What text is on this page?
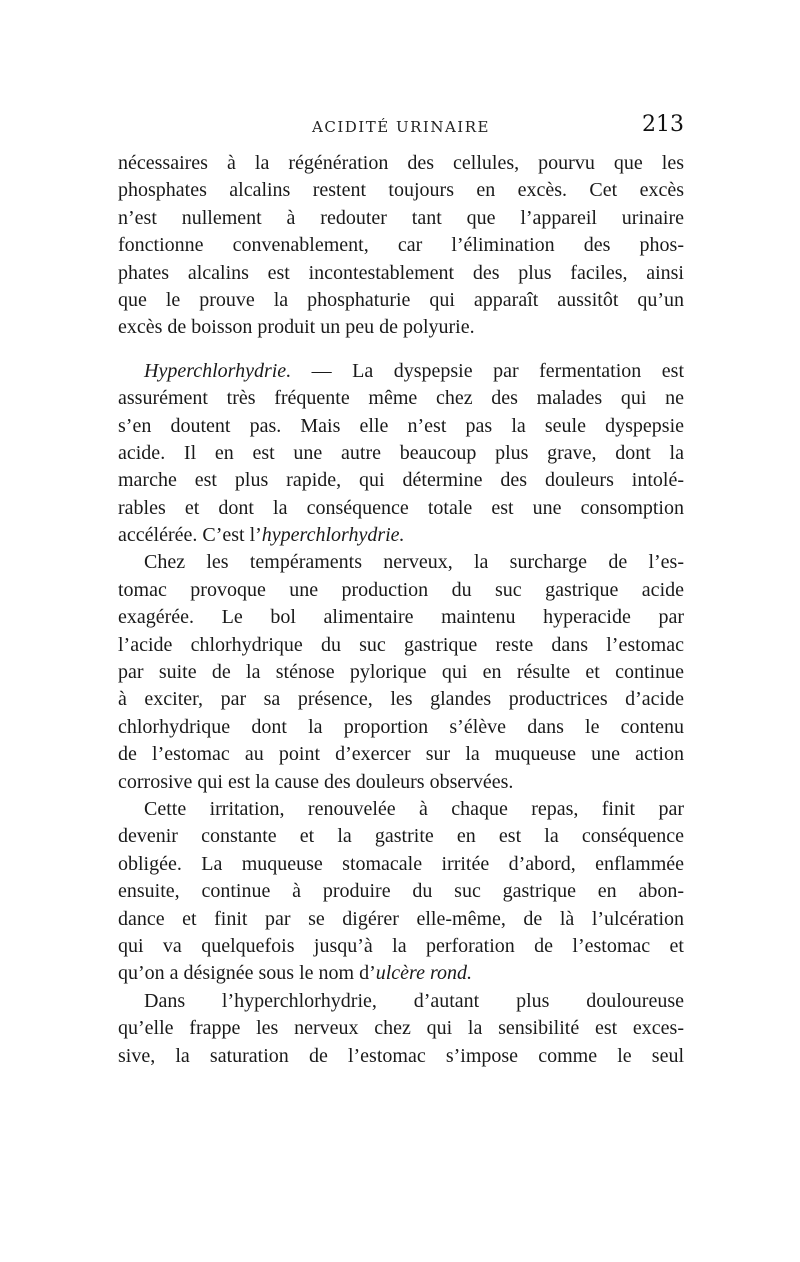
ACIDITÉ URINAIRE	213
nécessaires à la régénération des cellules, pourvu que les
phosphates alcalins restent toujours en excès. Cet excès
n’est nullement à redouter tant que l’appareil urinaire
fonctionne convenablement, car l’élimination des phos-
phates alcalins est incontestablement des plus faciles, ainsi
que le prouve la phosphaturie qui apparaît aussitôt qu’un
excès de boisson produit un peu de polyurie.
Hyperchlorhydrie. — La dyspepsie par fermentation est
assurément très fréquente même chez des malades qui ne
s’en doutent pas. Mais elle n’est pas la seule dyspepsie
acide. Il en est une autre beaucoup plus grave, dont la
marche est plus rapide, qui détermine des douleurs intolé-
rables et dont la conséquence totale est une consomption
accélérée. C’est l’hyperchlorhydrie.
Chez les tempéraments nerveux, la surcharge de l’es-
tomac provoque une production du suc gastrique acide
exagérée. Le bol alimentaire maintenu hyperacide par
l’acide chlorhydrique du suc gastrique reste dans l’estomac
par suite de la sténose pylorique qui en résulte et continue
à exciter, par sa présence, les glandes productrices d’acide
chlorhydrique dont la proportion s’élève dans le contenu
de l’estomac au point d’exercer sur la muqueuse une action
corrosive qui est la cause des douleurs observées.
Cette irritation, renouvelée à chaque repas, finit par
devenir constante et la gastrite en est la conséquence
obligée. La muqueuse stomacale irritée d’abord, enflammée
ensuite, continue à produire du suc gastrique en abon-
dance et finit par se digérer elle-même, de là l’ulcération
qui va quelquefois jusqu’à la perforation de l’estomac et
qu’on a désignée sous le nom d’ulcère rond.
Dans l’hyperchlorhydrie, d’autant plus douloureuse
qu’elle frappe les nerveux chez qui la sensibilité est exces-
sive, la saturation de l’estomac s’impose comme le seul
